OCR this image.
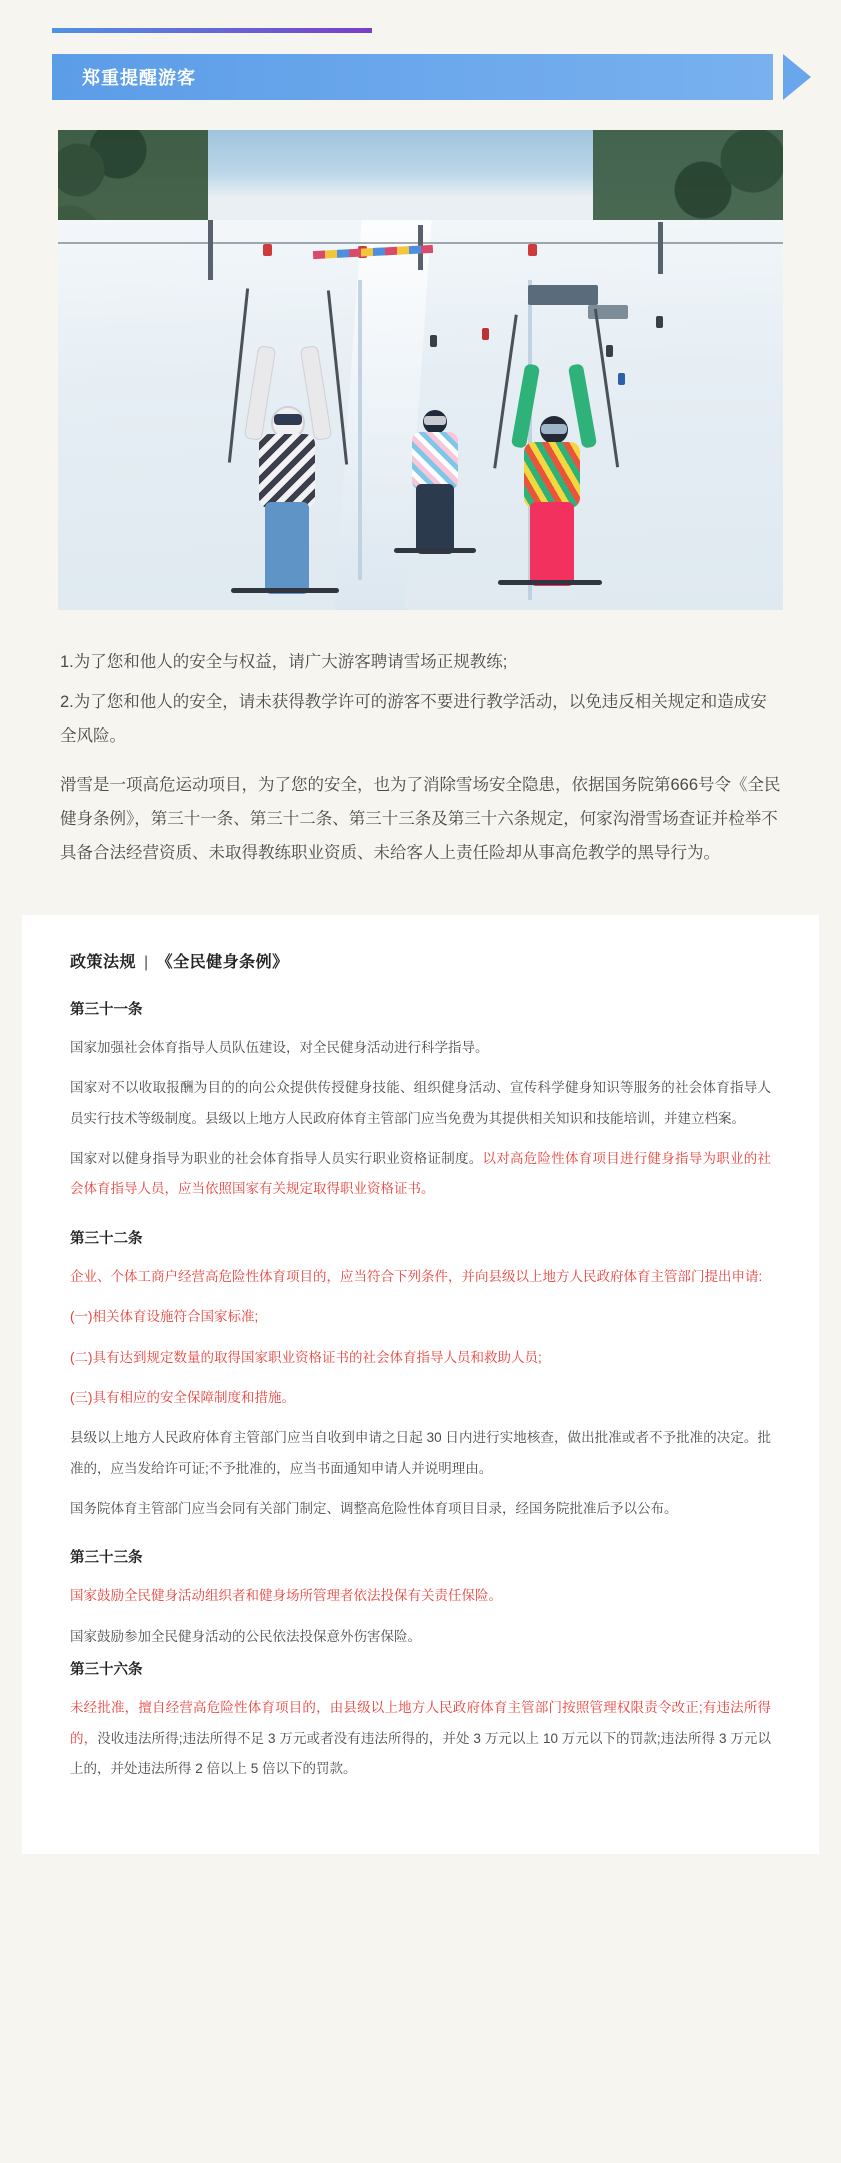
郑重提醒游客

1.为了您和他人的安全与权益，请广大游客聘请雪场正规教练;

2.为了您和他人的安全，请未获得教学许可的游客不要进行教学活动，以免违反相关规定和造成安全风险。

滑雪是一项高危运动项目，为了您的安全，也为了消除雪场安全隐患，依据国务院第666号令《全民健身条例》，第三十一条、第三十二条、第三十三条及第三十六条规定，何家沟滑雪场查证并检举不具备合法经营资质、未取得教练职业资质、未给客人上责任险却从事高危教学的黑导行为。

政策法规 | 《全民健身条例》
第三十一条

国家加强社会体育指导人员队伍建设，对全民健身活动进行科学指导。

国家对不以收取报酬为目的的向公众提供传授健身技能、组织健身活动、宣传科学健身知识等服务的社会体育指导人员实行技术等级制度。县级以上地方人民政府体育主管部门应当免费为其提供相关知识和技能培训，并建立档案。

国家对以健身指导为职业的社会体育指导人员实行职业资格证制度。以对高危险性体育项目进行健身指导为职业的社会体育指导人员，应当依照国家有关规定取得职业资格证书。

第三十二条

企业、个体工商户经营高危险性体育项目的，应当符合下列条件，并向县级以上地方人民政府体育主管部门提出申请:

(一)相关体育设施符合国家标准;

(二)具有达到规定数量的取得国家职业资格证书的社会体育指导人员和救助人员;

(三)具有相应的安全保障制度和措施。

县级以上地方人民政府体育主管部门应当自收到申请之日起 30 日内进行实地核查，做出批准或者不予批准的决定。批准的，应当发给许可证;不予批准的，应当书面通知申请人并说明理由。

国务院体育主管部门应当会同有关部门制定、调整高危险性体育项目目录，经国务院批准后予以公布。

第三十三条

国家鼓励全民健身活动组织者和健身场所管理者依法投保有关责任保险。

国家鼓励参加全民健身活动的公民依法投保意外伤害保险。

第三十六条

未经批准，擅自经营高危险性体育项目的，由县级以上地方人民政府体育主管部门按照管理权限责令改正;有违法所得的，没收违法所得;违法所得不足 3 万元或者没有违法所得的，并处 3 万元以上 10 万元以下的罚款;违法所得 3 万元以上的，并处违法所得 2 倍以上 5 倍以下的罚款。
